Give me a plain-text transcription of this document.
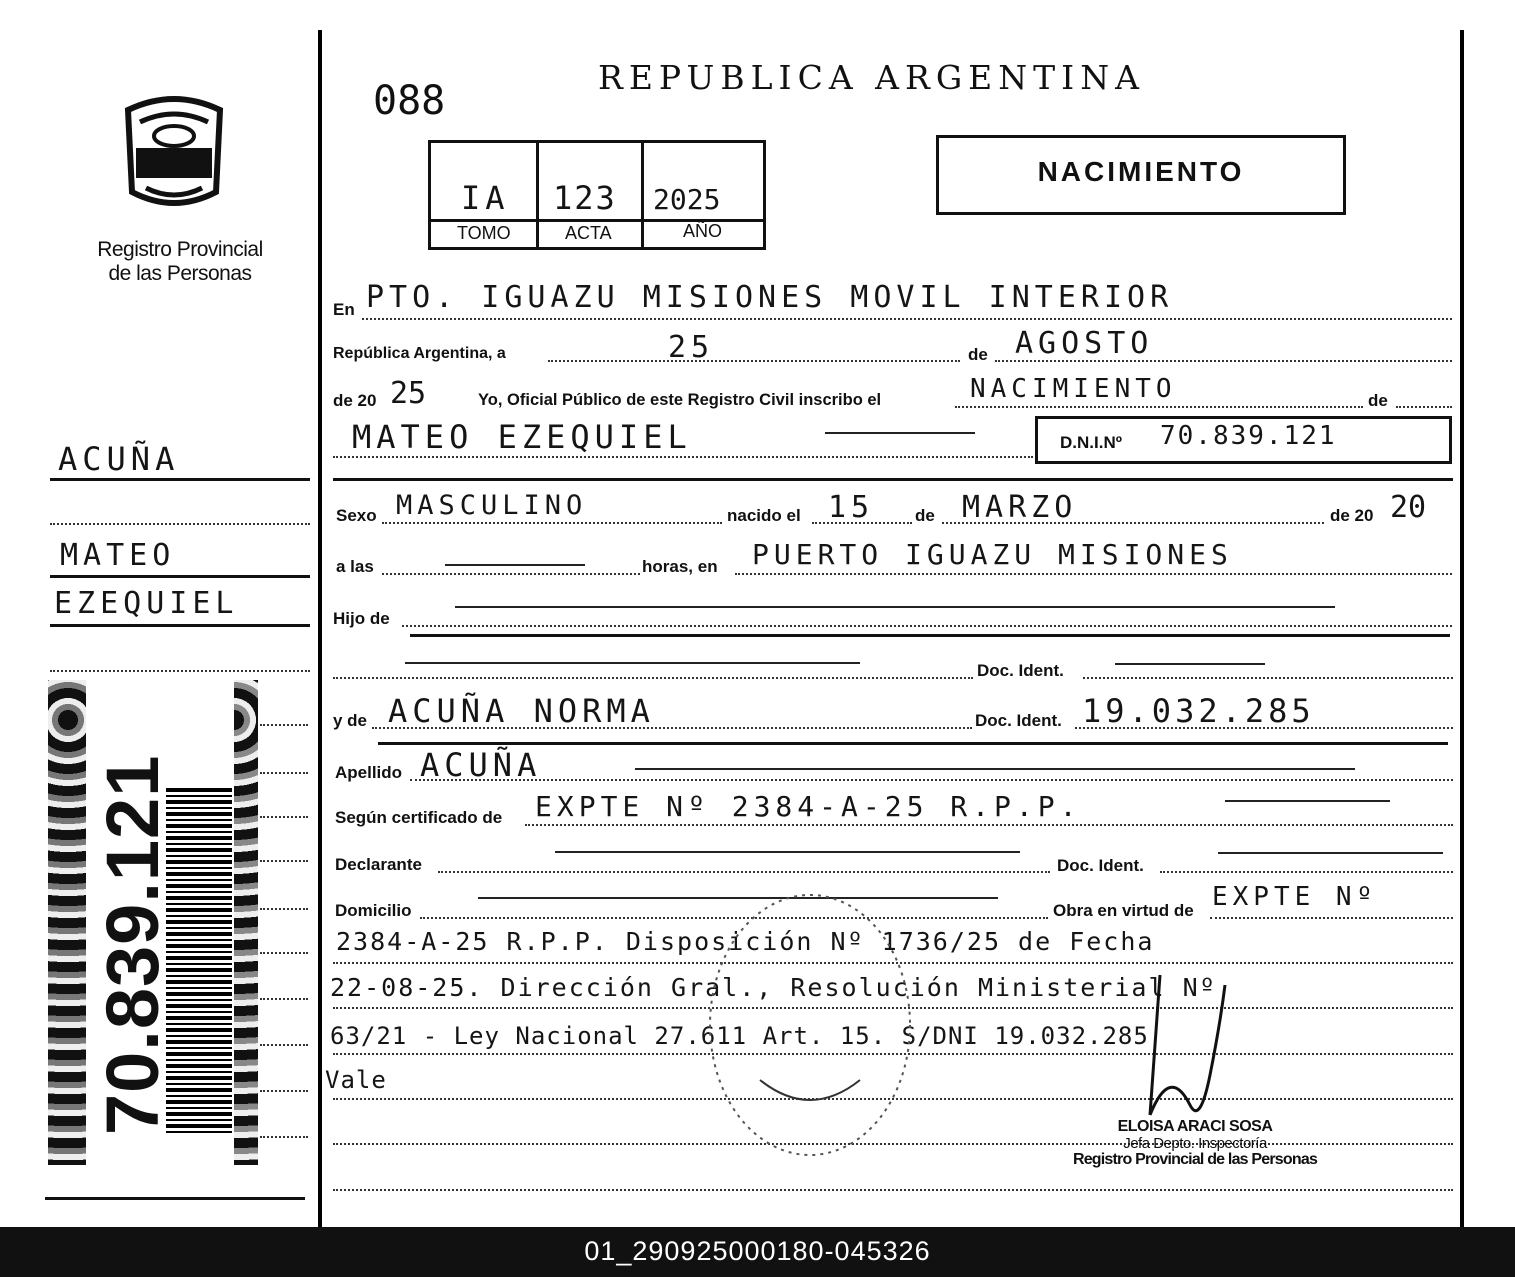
Registro Provincial
de las Personas
ACUÑA
MATEO
EZEQUIEL
70.839.121
088
REPUBLICA ARGENTINA
IA 123 2025
TOMO	ACTA	AÑO
NACIMIENTO
En PTO. IGUAZU MISIONES MOVIL INTERIOR
República Argentina, a	25	de AGOSTO
de 20 25	Yo, Oficial Público de este Registro Civil inscribo el	NACIMIENTO	de
MATEO EZEQUIEL	D.N.I.Nº 70.839.121
Sexo MASCULINO	nacido el 15 de MARZO	de 20 20
a las	horas, en PUERTO IGUAZU MISIONES
Hijo de
Doc. Ident.
y de ACUÑA NORMA	Doc. Ident. 19.032.285
Apellido ACUÑA
Según certificado de EXPTE Nº 2384-A-25 R.P.P.
Declarante	Doc. Ident.
Domicilio	Obra en virtud de EXPTE Nº
2384-A-25 R.P.P. Disposición Nº 1736/25 de Fecha
22-08-25. Dirección Gral., Resolución Ministerial Nº
63/21 - Ley Nacional 27.611 Art. 15. S/DNI 19.032.285
Vale
ELOISA ARACI SOSA
Jefa Depto. Inspectoría
Registro Provincial de las Personas
01_290925000180-045326
